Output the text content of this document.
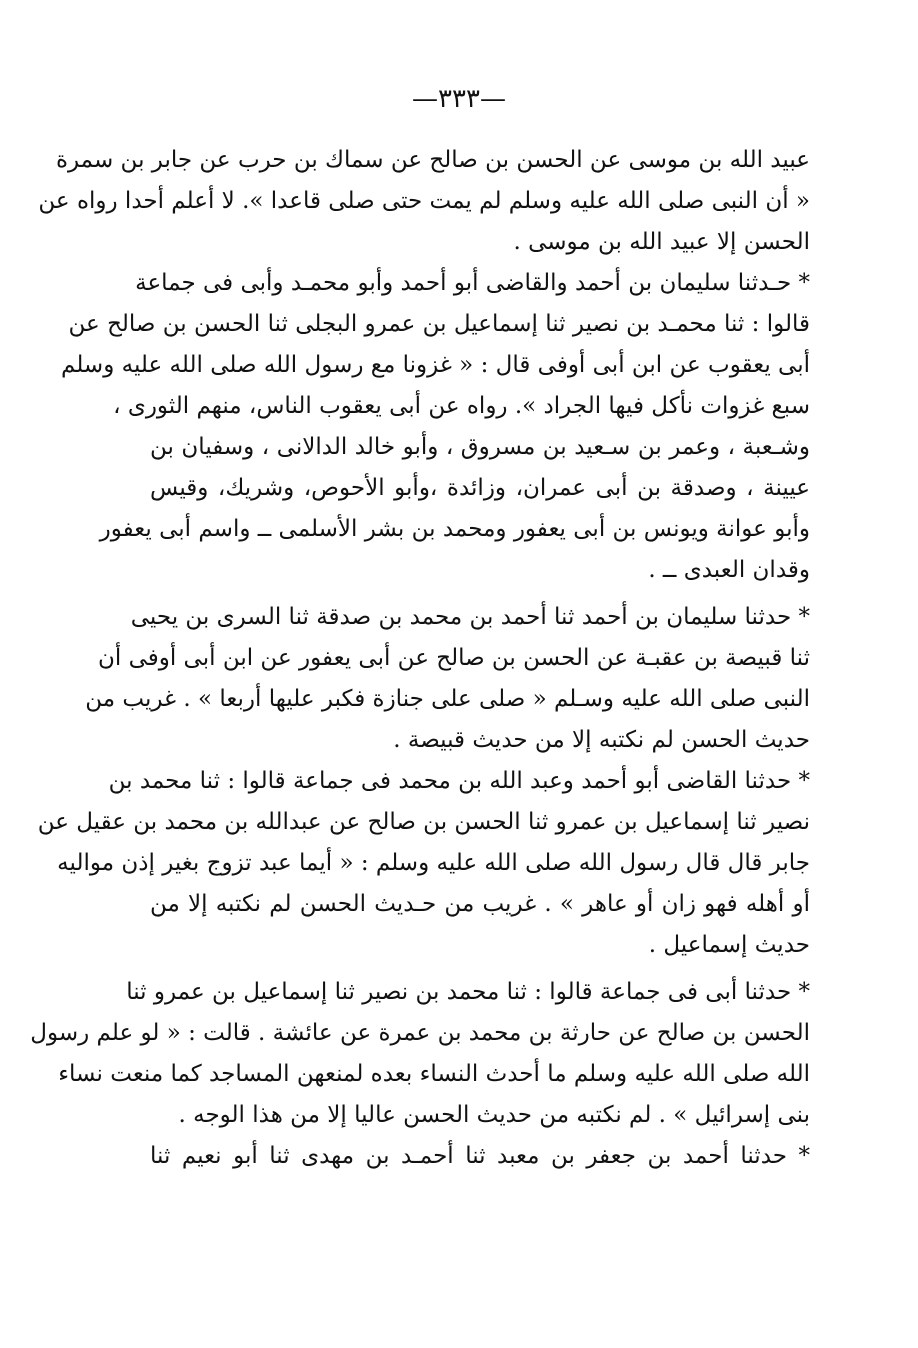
—٣٣٣—
عبيد الله بن موسى عن الحسن بن صالح عن سماك بن حرب عن جابر بن سمرة
« أن النبى صلى الله عليه وسلم لم يمت حتى صلى قاعدا ». لا أعلم أحدا رواه عن
الحسن إلا عبيد الله بن موسى .
* حـدثنا سليمان بن أحمد والقاضى أبو أحمد وأبو محمـد وأبى فى جماعة
قالوا : ثنا محمـد بن نصير ثنا إسماعيل بن عمرو البجلى ثنا الحسن بن صالح عن
أبى يعقوب عن ابن أبى أوفى قال : « غزونا مع رسول الله صلى الله عليه وسلم
سبع غزوات نأكل فيها الجراد ». رواه عن أبى يعقوب الناس، منهم الثورى ،
وشـعبة ، وعمر بن سـعيد بن مسروق ، وأبو خالد الدالانى ، وسفيان بن
عيينة ، وصدقة بن أبى عمران، وزائدة ،وأبو الأحوص، وشريك، وقيس
وأبو عوانة ويونس بن أبى يعفور ومحمد بن بشر الأسلمى ــ واسم أبى يعفور
وقدان العبدى ــ .
* حدثنا سليمان بن أحمد ثنا أحمد بن محمد بن صدقة ثنا السرى بن يحيى
ثنا قبيصة بن عقبـة عن الحسن بن صالح عن أبى يعفور عن ابن أبى أوفى أن
النبى صلى الله عليه وسـلم « صلى على جنازة فكبر عليها أربعا » . غريب من
حديث الحسن لم نكتبه إلا من حديث قبيصة .
* حدثنا القاضى أبو أحمد وعبد الله بن محمد فى جماعة قالوا : ثنا محمد بن
نصير ثنا إسماعيل بن عمرو ثنا الحسن بن صالح عن عبدالله بن محمد بن عقيل عن
جابر قال قال رسول الله صلى الله عليه وسلم : « أيما عبد تزوج بغير إذن مواليه
أو أهله فهو زان أو عاهر » . غريب من حـديث الحسن لم نكتبه إلا من
حديث إسماعيل .
* حدثنا أبى فى جماعة قالوا : ثنا محمد بن نصير ثنا إسماعيل بن عمرو ثنا
الحسن بن صالح عن حارثة بن محمد بن عمرة عن عائشة . قالت : « لو علم رسول
الله صلى الله عليه وسلم ما أحدث النساء بعده لمنعهن المساجد كما منعت نساء
بنى إسرائيل » . لم نكتبه من حديث الحسن عاليا إلا من هذا الوجه .
* حدثنا أحمد بن جعفر بن معبد ثنا أحمـد بن مهدى ثنا أبو نعيم ثنا
